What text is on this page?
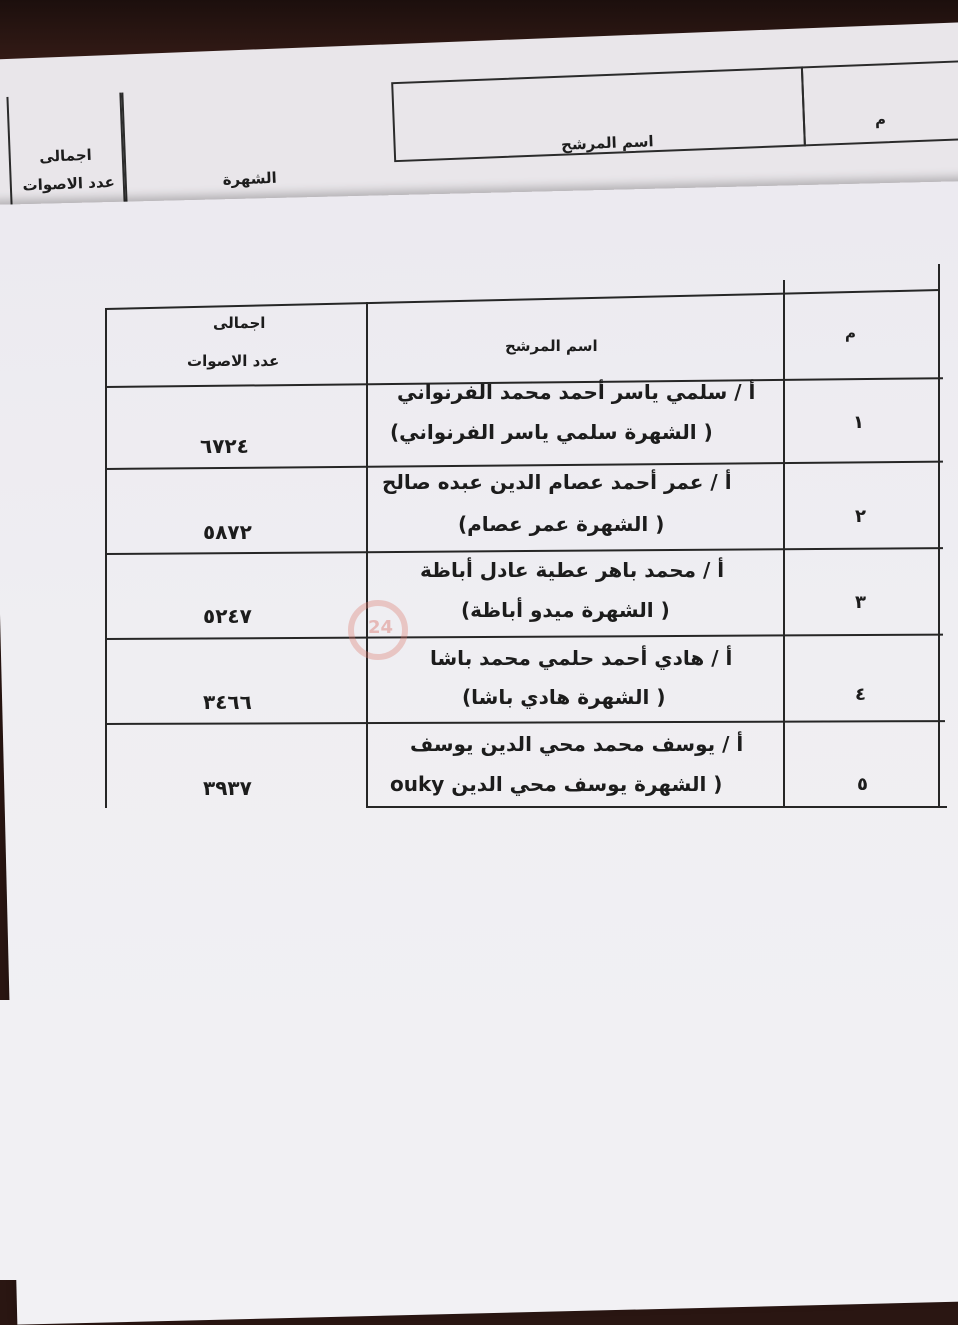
م
اسم المرشح
الشهرة
اجمالى
عدد الاصوات
م
اسم المرشح
اجمالى
عدد الاصوات
١
أ / سلمي ياسر أحمد محمد الفرنواني
( الشهرة سلمي ياسر الفرنواني)
٦٧٢٤
٢
أ / عمر أحمد عصام الدين عبده صالح
( الشهرة عمر عصام)
٥٨٧٢
٣
أ / محمد باهر عطية عادل أباظة
( الشهرة ميدو أباظة)
٥٢٤٧
٤
أ / هادي أحمد حلمي محمد باشا
( الشهرة هادي باشا)
٣٤٦٦
٥
أ / يوسف محمد محي الدين يوسف
( الشهرة يوسف محي الدين ouky
٣٩٣٧
24
